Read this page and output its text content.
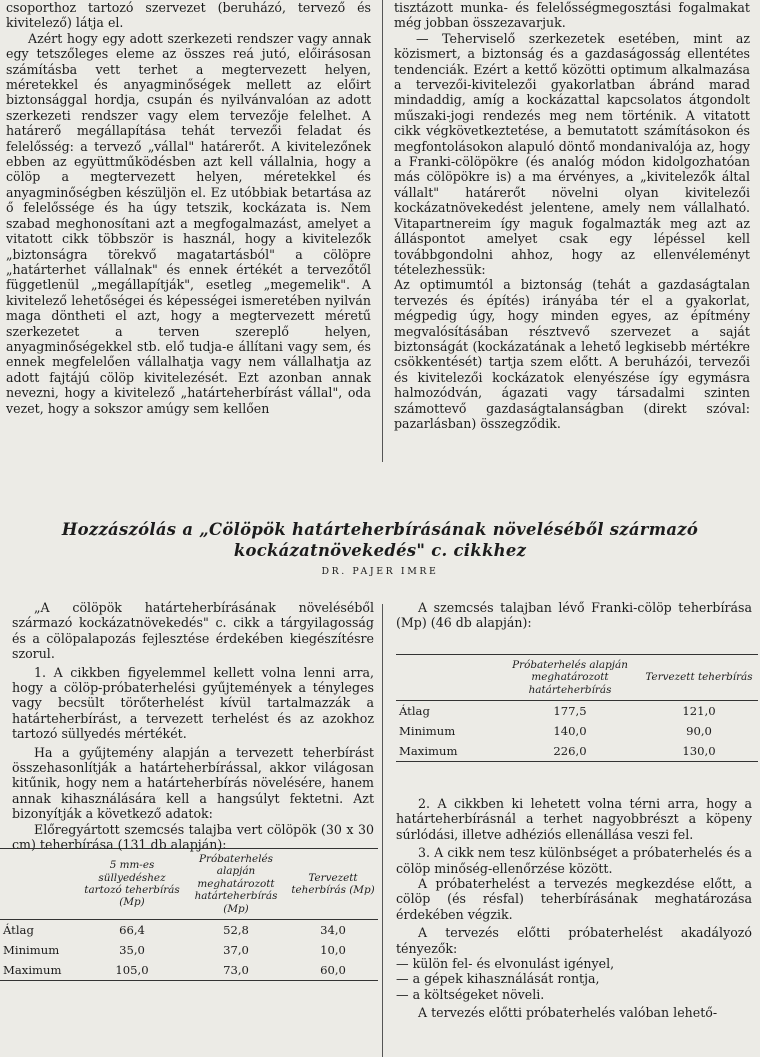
csoporthoz tartozó szervezet (beruházó, tervező és kivitelező) látja el.

Azért hogy egy adott szerkezeti rendszer vagy annak egy tetszőleges eleme az összes reá jutó, előirásosan számításba vett terhet a megtervezett helyen, méretekkel és anyagminőségek mellett az előirt biztonsággal hordja, csupán és nyilvánvalóan az adott szerkezeti rendszer vagy elem tervezője felelhet. A határerő megállapítása tehát tervezői feladat és felelősség: a tervező „vállal" határerőt. A kivitelezőnek ebben az együttműködésben azt kell vállalnia, hogy a cölöp a megtervezett helyen, méretekkel és anyagminőségben készüljön el. Ez utóbbiak betartása az ő felelőssége és ha úgy tetszik, kockázata is. Nem szabad meghonosítani azt a megfogalmazást, amelyet a vitatott cikk többször is használ, hogy a kivitelezők „biztonságra törekvő magatartásból" a cölöpre „határterhet vállalnak" és ennek értékét a tervezőtől függetlenül „megállapítják", esetleg „megemelik". A kivitelező lehetőségei és képességei ismeretében nyilván maga döntheti el azt, hogy a megtervezett méretű szerkezetet a terven szereplő helyen, anyagminőségekkel stb. elő tudja-e állítani vagy sem, és ennek megfelelően vállalhatja vagy nem vállalhatja az adott fajtájú cölöp kivitelezését. Ezt azonban annak nevezni, hogy a kivitelező „határteherbírást vállal", oda vezet, hogy a sokszor amúgy sem kellően

tisztázott munka- és felelősségmegosztási fogalmakat még jobban összezavarjuk.

— Teherviselő szerkezetek esetében, mint az közismert, a biztonság és a gazdaságosság ellentétes tendenciák. Ezért a kettő közötti optimum alkalmazása a tervezői-kivitelezői gyakorlatban ábránd marad mindaddig, amíg a kockázattal kapcsolatos átgondolt műszaki-jogi rendezés meg nem történik. A vitatott cikk végkövetkeztetése, a bemutatott számításokon és megfontolásokon alapuló döntő mondanivalója az, hogy a Franki-cölöpökre (és analóg módon kidolgozhatóan más cölöpökre is) a ma érvényes, a „kivitelezők által vállalt" határerőt növelni olyan kivitelezői kockázatnövekedést jelentene, amely nem vállalható. Vitapartnereim így maguk fogalmazták meg azt az álláspontot amelyet csak egy lépéssel kell továbbgondolni ahhoz, hogy az ellenvéleményt tételezhessük:

Az optimumtól a biztonság (tehát a gazdaságtalan tervezés és építés) irányába tér el a gyakorlat, mégpedig úgy, hogy minden egyes, az építmény megvalósításában résztvevő szervezet a saját biztonságát (kockázatának a lehető legkisebb mértékre csökkentését) tartja szem előtt. A beruházói, tervezői és kivitelezői kockázatok elenyészése így egymásra halmozódván, ágazati vagy társadalmi szinten számottevő gazdaságtalanságban (direkt szóval: pazarlásban) összegződik.

Hozzászólás a „Cölöpök határteherbírásának növeléséből származó
kockázatnövekedés" c. cikkhez
DR. PAJER IMRE

„A cölöpök határteherbírásának növeléséből származó kockázatnövekedés" c. cikk a tárgyilagosság és a cölöpalapozás fejlesztése érdekében kiegészítésre szorul.

1. A cikkben figyelemmel kellett volna lenni arra, hogy a cölöp-próbaterhelési gyűjtemények a tényleges vagy becsült törőterhelést kívül tartalmazzák a határteherbírást, a tervezett terhelést és az azokhoz tartozó süllyedés mértékét.

Ha a gyűjtemény alapján a tervezett teherbírást összehasonlítják a határteherbírással, akkor világosan kitűnik, hogy nem a határteherbírás növelésére, hanem annak kihasználására kell a hangsúlyt fektetni. Azt bizonyítják a következő adatok:

Előregyártott szemcsés talajba vert cölöpök (30 x 30 cm) teherbírása (131 db alapján):

	5 mm-es süllyedéshez tartozó teherbírás (Mp)	Próbaterhelés alapján meghatározott határteherbírás (Mp)	Tervezett teherbírás (Mp)
Átlag	66,4	52,8	34,0
Minimum	35,0	37,0	10,0
Maximum	105,0	73,0	60,0

A szemcsés talajban lévő Franki-cölöp teherbírása (Mp) (46 db alapján):

	Próbaterhelés alapján meghatározott határteherbírás	Tervezett teherbírás
Átlag	177,5	121,0
Minimum	140,0	90,0
Maximum	226,0	130,0

2. A cikkben ki lehetett volna térni arra, hogy a határteherbírásnál a terhet nagyobbrészt a köpeny súrlódási, illetve adhéziós ellenállása veszi fel.

3. A cikk nem tesz különbséget a próbaterhelés és a cölöp minőség-ellenőrzése között.

A próbaterhelést a tervezés megkezdése előtt, a cölöp (és résfal) teherbírásának meghatározása érdekében végzik.

A tervezés előtti próbaterhelést akadályozó tényezők:

— külön fel- és elvonulást igényel,

— a gépek kihasználását rontja,

— a költségeket növeli.

A tervezés előtti próbaterhelés valóban lehető-
